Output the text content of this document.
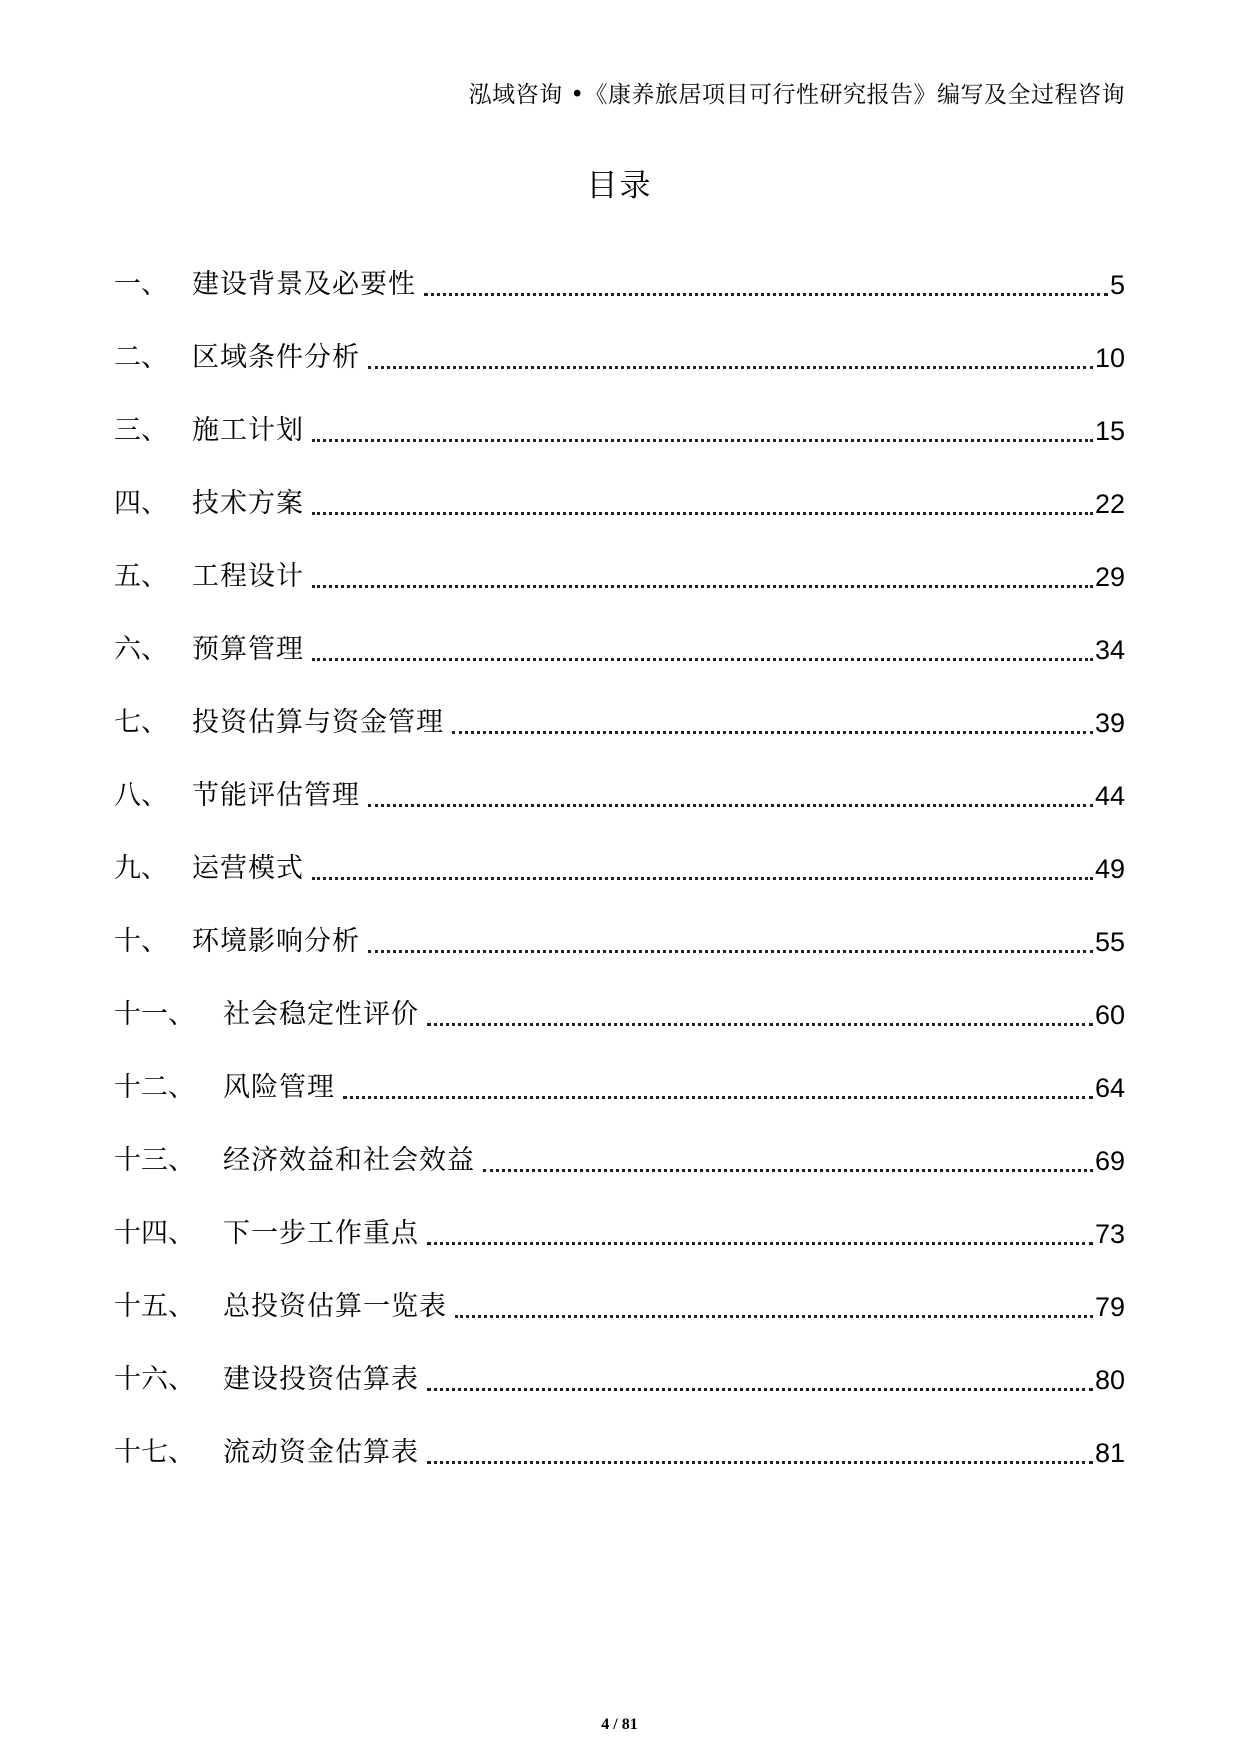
泓域咨询 •《康养旅居项目可行性研究报告》编写及全过程咨询
目录
一、 建设背景及必要性	5
二、 区域条件分析	10
三、 施工计划	15
四、 技术方案	22
五、 工程设计	29
六、 预算管理	34
七、 投资估算与资金管理	39
八、 节能评估管理	44
九、 运营模式	49
十、 环境影响分析	55
十一、	社会稳定性评价	60
十二、	风险管理	64
十三、	经济效益和社会效益	69
十四、	下一步工作重点	73
十五、	总投资估算一览表	79
十六、	建设投资估算表	80
十七、	流动资金估算表	81
4 / 81
